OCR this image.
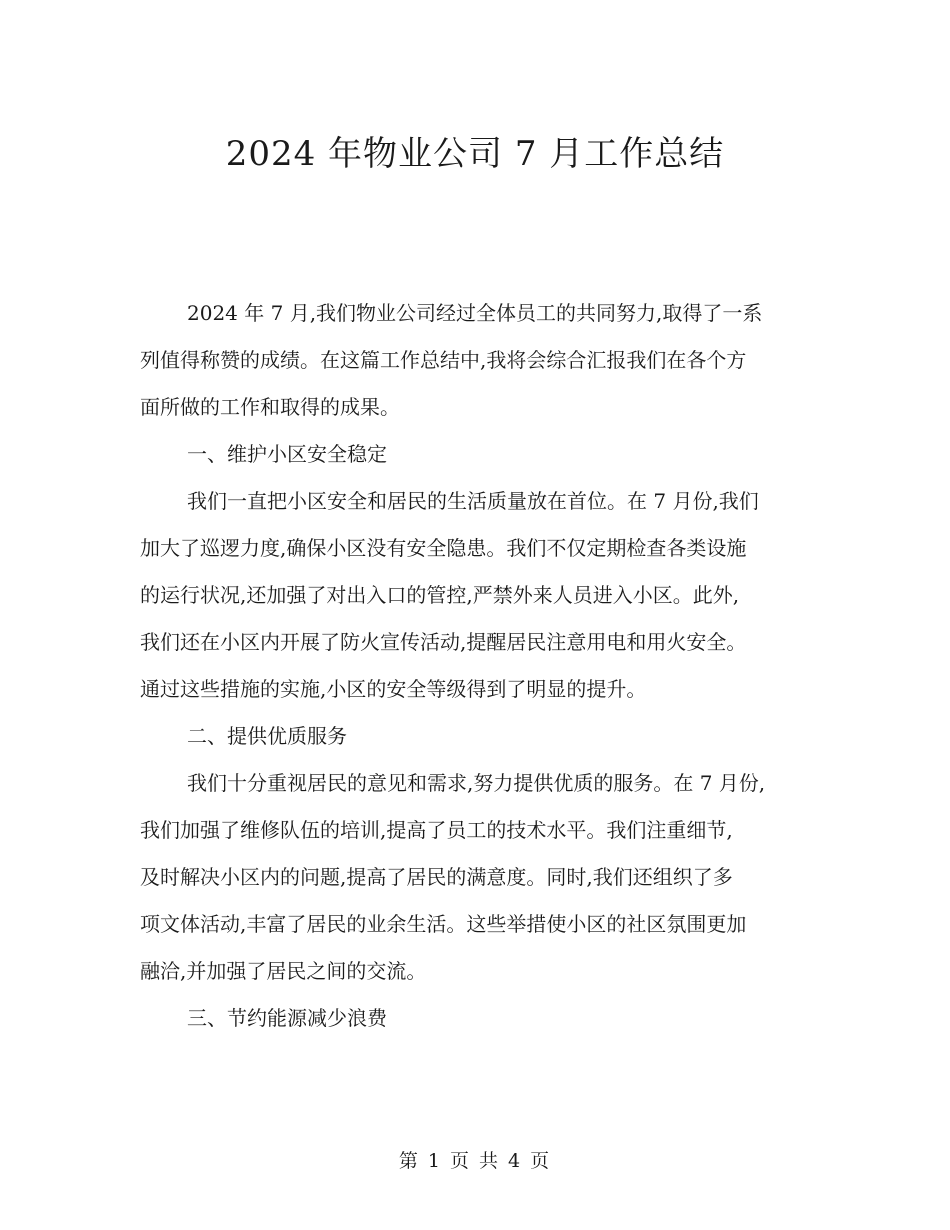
2024 年物业公司 7 月工作总结

2024 年 7 月,我们物业公司经过全体员工的共同努力,取得了一系

列值得称赞的成绩。在这篇工作总结中,我将会综合汇报我们在各个方

面所做的工作和取得的成果。

一、维护小区安全稳定

我们一直把小区安全和居民的生活质量放在首位。在 7 月份,我们

加大了巡逻力度,确保小区没有安全隐患。我们不仅定期检查各类设施

的运行状况,还加强了对出入口的管控,严禁外来人员进入小区。此外,

我们还在小区内开展了防火宣传活动,提醒居民注意用电和用火安全。

通过这些措施的实施,小区的安全等级得到了明显的提升。

二、提供优质服务

我们十分重视居民的意见和需求,努力提供优质的服务。在 7 月份,

我们加强了维修队伍的培训,提高了员工的技术水平。我们注重细节,

及时解决小区内的问题,提高了居民的满意度。同时,我们还组织了多

项文体活动,丰富了居民的业余生活。这些举措使小区的社区氛围更加

融洽,并加强了居民之间的交流。

三、节约能源减少浪费

第 1 页 共 4 页
